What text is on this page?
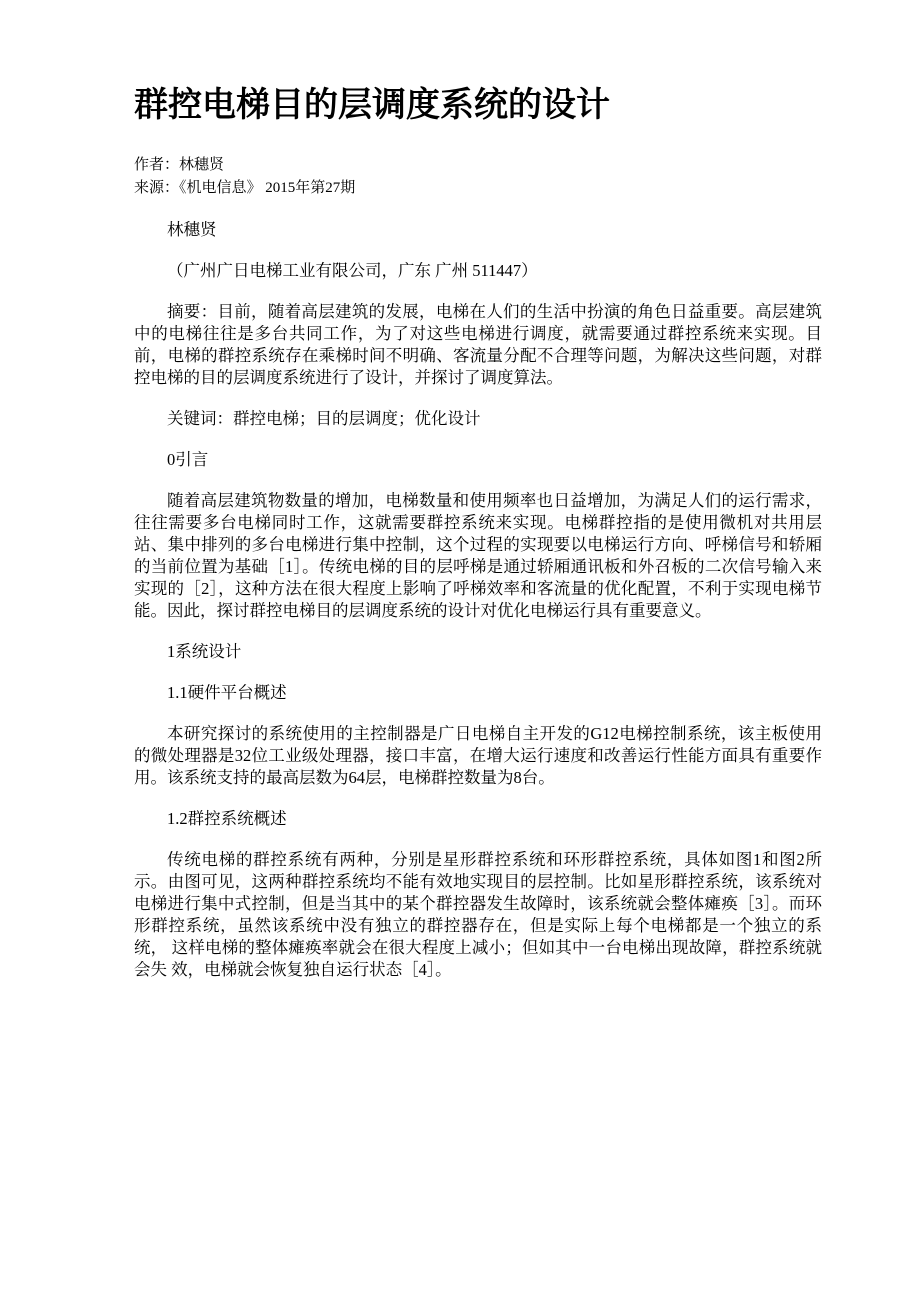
群控电梯目的层调度系统的设计

作者：林穗贤

来源：《机电信息》 2015年第27期

林穗贤

（广州广日电梯工业有限公司，广东 广州 511447）

摘要：目前，随着高层建筑的发展，电梯在人们的生活中扮演的角色日益重要。高层建筑中的电梯往往是多台共同工作，为了对这些电梯进行调度，就需要通过群控系统来实现。目前，电梯的群控系统存在乘梯时间不明确、客流量分配不合理等问题，为解决这些问题，对群控电梯的目的层调度系统进行了设计，并探讨了调度算法。

关键词：群控电梯；目的层调度；优化设计

0引言

随着高层建筑物数量的增加，电梯数量和使用频率也日益增加，为满足人们的运行需求，往往需要多台电梯同时工作，这就需要群控系统来实现。电梯群控指的是使用微机对共用层站、集中排列的多台电梯进行集中控制，这个过程的实现要以电梯运行方向、呼梯信号和轿厢的当前位置为基础［1］。传统电梯的目的层呼梯是通过轿厢通讯板和外召板的二次信号输入来实现的［2］，这种方法在很大程度上影响了呼梯效率和客流量的优化配置，不利于实现电梯节能。因此，探讨群控电梯目的层调度系统的设计对优化电梯运行具有重要意义。

1系统设计

1.1硬件平台概述

本研究探讨的系统使用的主控制器是广日电梯自主开发的G12电梯控制系统，该主板使用 的微处理器是32位工业级处理器，接口丰富，在增大运行速度和改善运行性能方面具有重要作用。该系统支持的最高层数为64层，电梯群控数量为8台。

1.2群控系统概述

传统电梯的群控系统有两种，分别是星形群控系统和环形群控系统，具体如图1和图2所 示。由图可见，这两种群控系统均不能有效地实现目的层控制。比如星形群控系统，该系统对 电梯进行集中式控制，但是当其中的某个群控器发生故障时，该系统就会整体瘫痪［3］。而环 形群控系统，虽然该系统中没有独立的群控器存在，但是实际上每个电梯都是一个独立的系统， 这样电梯的整体瘫痪率就会在很大程度上减小；但如其中一台电梯出现故障，群控系统就会失 效，电梯就会恢复独自运行状态［4］。
